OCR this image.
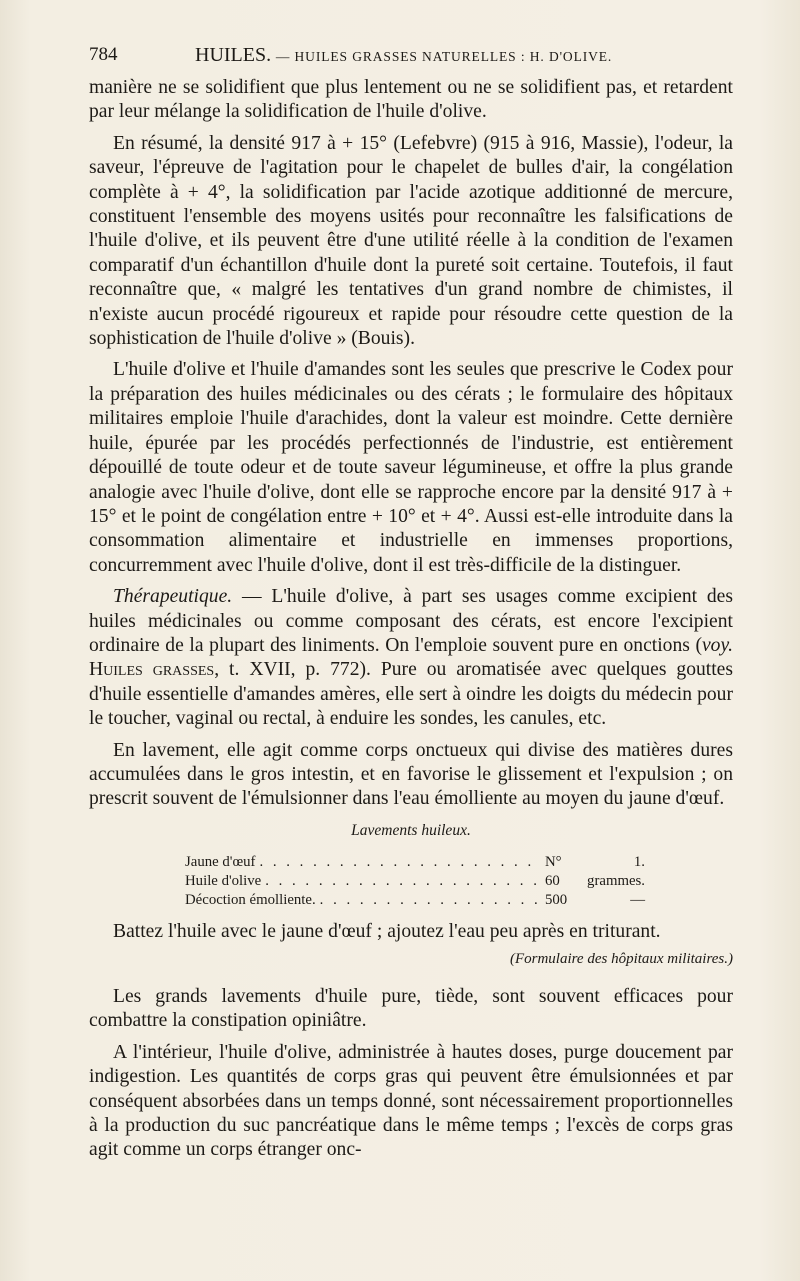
784	HUILES. — HUILES GRASSES NATURELLES : H. D'OLIVE.

manière ne se solidifient que plus lentement ou ne se solidifient pas, et retardent par leur mélange la solidification de l'huile d'olive.

En résumé, la densité 917 à + 15° (Lefebvre) (915 à 916, Massie), l'odeur, la saveur, l'épreuve de l'agitation pour le chapelet de bulles d'air, la congélation complète à + 4°, la solidification par l'acide azotique additionné de mercure, constituent l'ensemble des moyens usités pour reconnaître les falsifications de l'huile d'olive, et ils peuvent être d'une utilité réelle à la condition de l'examen comparatif d'un échantillon d'huile dont la pureté soit certaine. Toutefois, il faut reconnaître que, « malgré les tentatives d'un grand nombre de chimistes, il n'existe aucun procédé rigoureux et rapide pour résoudre cette question de la sophistication de l'huile d'olive » (Bouis).

L'huile d'olive et l'huile d'amandes sont les seules que prescrive le Codex pour la préparation des huiles médicinales ou des cérats ; le formulaire des hôpitaux militaires emploie l'huile d'arachides, dont la valeur est moindre. Cette dernière huile, épurée par les procédés perfectionnés de l'industrie, est entièrement dépouillé de toute odeur et de toute saveur légumineuse, et offre la plus grande analogie avec l'huile d'olive, dont elle se rapproche encore par la densité 917 à + 15° et le point de congélation entre + 10° et + 4°. Aussi est-elle introduite dans la consommation alimentaire et industrielle en immenses proportions, concurremment avec l'huile d'olive, dont il est très-difficile de la distinguer.

Thérapeutique. — L'huile d'olive, à part ses usages comme excipient des huiles médicinales ou comme composant des cérats, est encore l'excipient ordinaire de la plupart des liniments. On l'emploie souvent pure en onctions (voy. Huiles grasses, t. XVII, p. 772). Pure ou aromatisée avec quelques gouttes d'huile essentielle d'amandes amères, elle sert à oindre les doigts du médecin pour le toucher, vaginal ou rectal, à enduire les sondes, les canules, etc.

En lavement, elle agit comme corps onctueux qui divise des matières dures accumulées dans le gros intestin, et en favorise le glissement et l'expulsion ; on prescrit souvent de l'émulsionner dans l'eau émolliente au moyen du jaune d'œuf.

Lavements huileux.
Jaune d'œuf . . .	N° 1.
Huile d'olive . . .	60 grammes.
Décoction émolliente. . . .	500 —

Battez l'huile avec le jaune d'œuf ; ajoutez l'eau peu après en triturant.

(Formulaire des hôpitaux militaires.)

Les grands lavements d'huile pure, tiède, sont souvent efficaces pour combattre la constipation opiniâtre.

A l'intérieur, l'huile d'olive, administrée à hautes doses, purge doucement par indigestion. Les quantités de corps gras qui peuvent être émulsionnées et par conséquent absorbées dans un temps donné, sont nécessairement proportionnelles à la production du suc pancréatique dans le même temps ; l'excès de corps gras agit comme un corps étranger onc-
